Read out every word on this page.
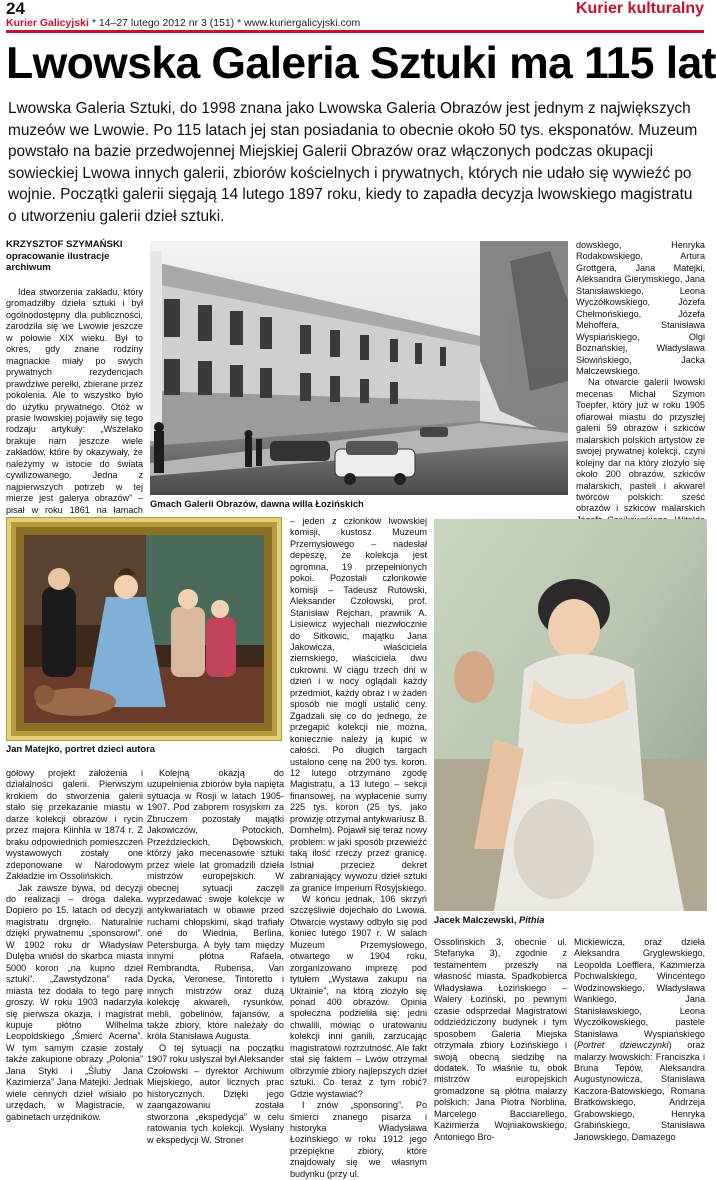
24
Kurier Galicyjski * 14–27 lutego 2012 nr 3 (151) * www.kuriergalicyjski.com
Kurier kulturalny
Lwowska Galeria Sztuki ma 115 lat

Lwowska Galeria Sztuki, do 1998 znana jako Lwowska Galeria Obrazów jest jednym z największych muzeów we Lwowie. Po 115 latach jej stan posiadania to obecnie około 50 tys. eksponatów. Muzeum powstało na bazie przedwojennej Miejskiej Galerii Obrazów oraz włączonych podczas okupacji sowieckiej Lwowa innych galerii, zbiorów kościelnych i prywatnych, których nie udało się wywieźć po wojnie. Początki galerii sięgają 14 lutego 1897 roku, kiedy to zapadła decyzja lwowskiego magistratu o utworzeniu galerii dzieł sztuki.

KRZYSZTOF SZYMAŃSKI
opracowanie ilustracje archiwum

Idea stworzenia zakładu, który gromadziłby dzieła sztuki i był ogólnodostępny dla publiczności, zarodziła się we Lwowie jeszcze w połowie XIX wieku. Był to okres, gdy znane rodziny magnackie miały po swych prywatnych rezydencjach prawdziwe perełki, zbierane przez pokolenia. Ale to wszystko było do użytku prywatnego. Otóż w prasie lwowskiej pojawiły się tego rodzaju artykuły: „Wszelako brakuje nam jeszcze wiele zakładów, które by okazywały, że należymy w istocie do świata cywilizowanego. Jedna z najpierwszych potrzeb w tej mierze jest galerya obrazów” – pisał w roku 1861 na łamach

Gmach Galerii Obrazów, dawna willa Łozińskich

dowskiego, Henryka Rodakowskiego, Artura Grottgera, Jana Matejki, Aleksandra Gierymskiego, Jana Stanisławskiego, Leona Wyczółkowskiego, Józefa Chełmońskiego, Józefa Mehoffera, Stanisława Wyspiańskiego, Olgi Boznańskiej, Władysława Słowińskiego, Jacka Malczewskiego.

Na otwarcie galerii lwowski mecenas Michał Szymon Toepfer, który już w roku 1905 ofiarował miastu do przyszłej galerii 59 obrazów i szkiców malarskich polskich artystów ze swojej prywatnej kolekcji, czyni kolejny dar na który złożyło się około 200 obrazów, szkiców malarskich, pasteli i akwarel twórców polskich: sześć obrazów i szkiców malarskich

Jan Matejko, portret dzieci autora

– jeden z członków lwowskiej komisji, kustosz Muzeum Przemysłowego – nadesłał depeszę, że kolekcja jest ogromna, 19 przepełnionych pokoi. Pozostali członkowie komisji – Tadeusz Rutowski, Aleksander Czołowski, prof. Stanisław Rejchan, prawnik A. Lisiewicz wyjechali niezwłocznie do Sitkowic, majątku Jana Jakowicza, właściciela ziemskiego, właściciela dwu cukrowni. W ciągu trzech dni w dzień i w nocy oglądali każdy przedmiot, każdy obraz i w żaden sposób nie mogli ustalić ceny. Zgadzali się co do jednego, że przegapić kolekcji nie można, koniecznie należy ją kupić w całości. Po długich targach ustalono cenę na 200 tys. koron. 12 lutego otrzymano zgodę Magistratu, a 13 lutego – sekcji finansowej, na wypłacenie sumy 225 tys. koron (25 tys. jako prowizję otrzymał antykwariusz B. Domhelm). Pojawił się teraz nowy problem: w jaki sposób przewieźć taką ilość rzeczy przez granicę. Istniał przecież dekret zabraniający wywozu dzieł sztuki za granice Imperium Rosyjskiego.

W końcu jednak, 106 skrzyń szczęśliwie dojechało do Lwowa. Otwarcie wystawy odbyło się pod koniec lutego 1907 r. W salach Muzeum Przemysłowego, otwartego w 1904 roku, zorganizowano imprezę pod tytułem „Wystawa zakupu na Ukrainie”, na którą złożyło się ponad 400 obrazów. Opinia społeczna podzieliła się: jedni chwalili, mówiąc o uratowaniu kolekcji inni ganili, zarzucając magistratowi rozrzutność. Ale fakt stał się faktem – Lwów otrzymał olbrzymie zbiory najlepszych dzieł sztuki. Co teraz z tym robić? Gdzie wystawiać?

I znów „sponsoring”. Po śmierci znanego pisarza i historyka Władysława Łozińskiego w roku 1912 jego przepiękne zbiory, które znajdowały się we własnym budynku (przy ul.

Jacek Malczewski, Pithia

gółowy projekt założenia i działalności galerii. Pierwszym krokiem do stworzenia galerii stało się przekazanie miastu w darze kolekcji obrazów i rycin przez majora Kiinhla w 1874 r. Z braku odpowiednich pomieszczeń wystawowych zostały one zdeponowane w Narodowym Zakładzie im Ossolińskich.

Jak zawsze bywa, od decyzji do realizacji – droga daleka. Dopiero po 15. latach od decyzji magistratu drgnęło. Naturalnie dzięki prywatnemu „sponsorowi”. W 1902 roku dr Władysław Dulęba wniósł do skarbca miasta 5000 koron „na kupno dzieł sztuki”. „Zawstydzona” rada miasta też dodała to tego parę groszy. W roku 1903 nadarzyła się pierwsza okazja, i magistrat kupuje płótno Wilhelma Leopoldskiego „Śmierć Acerna”. W tym samym czasie zostały także zakupione obrazy „Polonia” Jana Styki i „Śluby Jana Kazimierza” Jana Matejki. Jednak wiele cennych dzieł wisiało po urzędach, w Magistracie, w gabinetach urzędników.

Kolejną okazją do uzupełnienia zbiorów była napięta sytuacja w Rosji w latach 1905-1907. Pod zaborem rosyjskim za Zbruczem pozostały majątki Jakowiczów, Potockich, Przeździeckich, Dębowskich, którzy jako mecenasowie sztuki przez wiele lat gromadzili dzieła mistrzów europejskich. W obecnej sytuacji zaczęli wyprzedawać swoje kolekcje w antykwariatach w obawie przed ruchami chłopskimi, skąd trafiały one do Wiednia, Berlina, Petersburga. A były tam między innymi płótna Rafaela, Rembrandta, Rubensa, Van Dycka, Veronese, Tintoretto i innych mistrzów oraz dużą kolekcję akwareli, rysunków, mebli, gobelinów, fajansów, a także zbiory, które należały do króla Stanisława Augusta.

O tej sytuacji na początku 1907 roku usłyszał był Aleksander Czołowski – dyrektor Archiwum Miejskiego, autor licznych prac historycznych. Dzięki jego zaangażowaniu została stworzona „ekspedycja” w celu ratowania tych kolekcji. Wysłany w ekspedycji W. Stroner

Ossolińskich 3, obecnie ul. Stefanyka 3), zgodnie z testamentem przeszły na własność miasta. Spadkobierca Władysława Łozińskiego – Walery Łoziński, po pewnym czasie odsprzedał Magistratowi oddziedziczony budynek i tym sposobem Galeria Miejska otrzymała zbiory Łozińskiego i swoją obecną siedzibę na dodatek. To właśnie tu, obok mistrzów europejskich gromadzone są płótna malarzy polskich: Jana Piotra Norblina, Marcelego Bacciarellego, Kazimierza Wojniakowskiego, Antoniego Bro-

Mickiewicza, oraz dzieła Aleksandra Gryglewskiego, Leopolda Loefflera, Kazimierza Pochwalskiego, Wincentego Wodzinowskiego, Władysława Wankiego, Jana Stanisławskiego, Leona Wyczółkowskiego, pastele Stanisława Wyspiańskiego (Portret dziewczynki) oraz malarzy lwowskich: Franciszka i Bruna Tepów, Aleksandra Augustynowicza, Stanisława Kaczora-Batowskiego, Romana Bratkowskiego, Andrzeja Grabowskiego, Henryka Grabińskiego, Stanisława Janowskiego, Damazego
